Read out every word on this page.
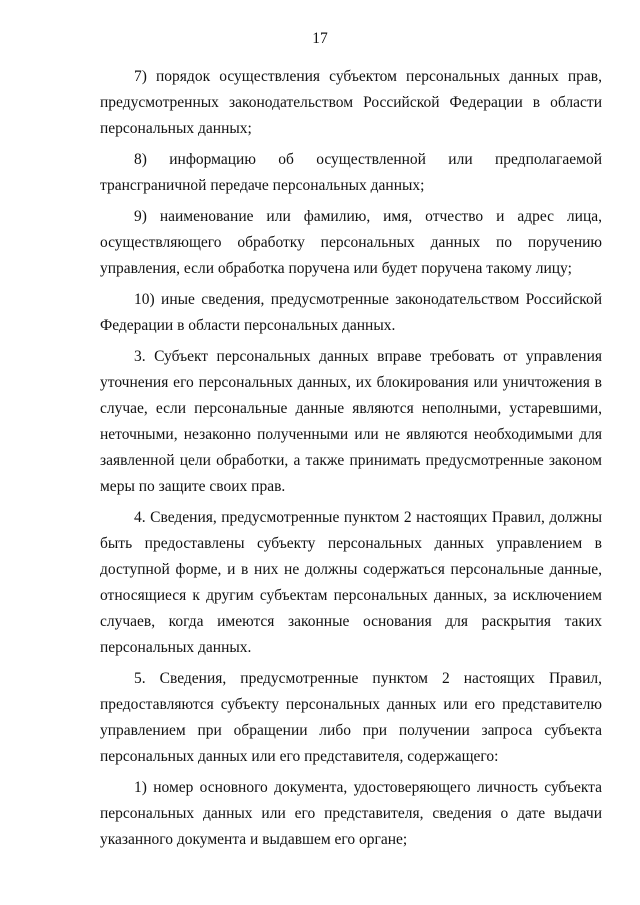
17

7) порядок осуществления субъектом персональных данных прав, предусмотренных законодательством Российской Федерации в области персональных данных;

8) информацию об осуществленной или предполагаемой трансграничной передаче персональных данных;

9) наименование или фамилию, имя, отчество и адрес лица, осуществляющего обработку персональных данных по поручению управления, если обработка поручена или будет поручена такому лицу;

10) иные сведения, предусмотренные законодательством Российской Федерации в области персональных данных.

3. Субъект персональных данных вправе требовать от управления уточнения его персональных данных, их блокирования или уничтожения в случае, если персональные данные являются неполными, устаревшими, неточными, незаконно полученными или не являются необходимыми для заявленной цели обработки, а также принимать предусмотренные законом меры по защите своих прав.

4. Сведения, предусмотренные пунктом 2 настоящих Правил, должны быть предоставлены субъекту персональных данных управлением в доступной форме, и в них не должны содержаться персональные данные, относящиеся к другим субъектам персональных данных, за исключением случаев, когда имеются законные основания для раскрытия таких персональных данных.

5. Сведения, предусмотренные пунктом 2 настоящих Правил, предоставляются субъекту персональных данных или его представителю управлением при обращении либо при получении запроса субъекта персональных данных или его представителя, содержащего:

1) номер основного документа, удостоверяющего личность субъекта персональных данных или его представителя, сведения о дате выдачи указанного документа и выдавшем его органе;
